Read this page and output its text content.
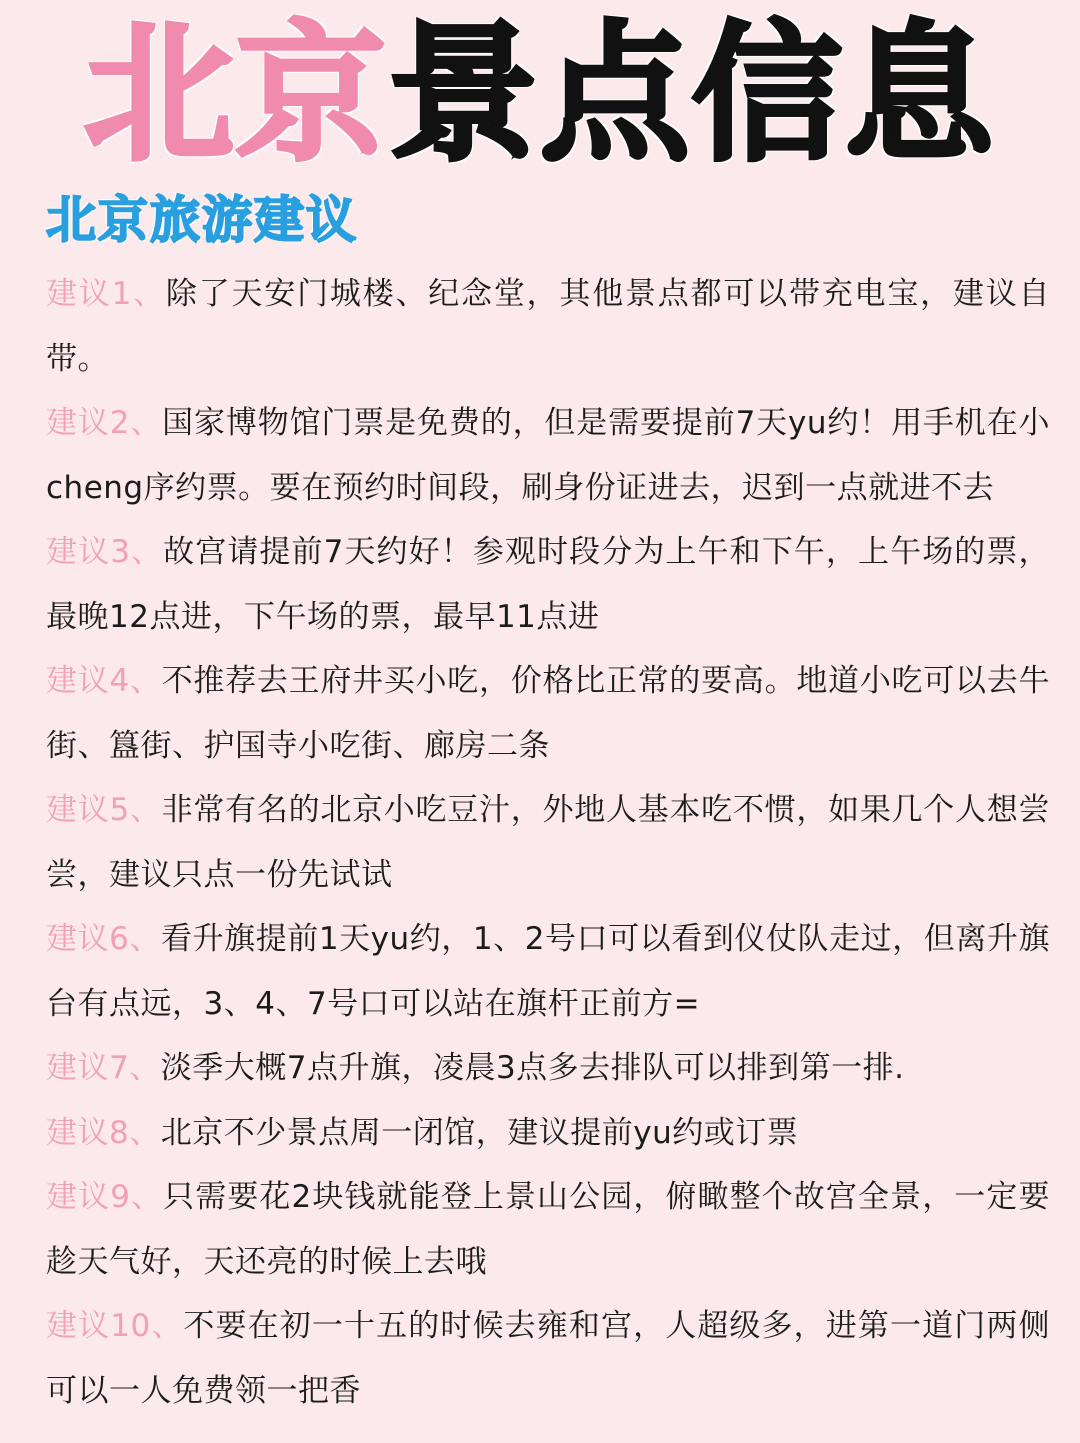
北京景点信息
北京旅游建议
建议1、除了天安门城楼、纪念堂，其他景点都可以带充电宝，建议自带。
建议2、国家博物馆门票是免费的，但是需要提前7天yu约！用手机在小cheng序约票。要在预约时间段，刷身份证进去，迟到一点就进不去
建议3、故宫请提前7天约好！参观时段分为上午和下午，上午场的票，最晚12点进，下午场的票，最早11点进
建议4、不推荐去王府井买小吃，价格比正常的要高。地道小吃可以去牛街、簋街、护国寺小吃街、廊房二条
建议5、非常有名的北京小吃豆汁，外地人基本吃不惯，如果几个人想尝尝，建议只点一份先试试
建议6、看升旗提前1天yu约，1、2号口可以看到仪仗队走过，但离升旗台有点远，3、4、7号口可以站在旗杆正前方=
建议7、淡季大概7点升旗，凌晨3点多去排队可以排到第一排.
建议8、北京不少景点周一闭馆，建议提前yu约或订票
建议9、只需要花2块钱就能登上景山公园，俯瞰整个故宫全景，一定要趁天气好，天还亮的时候上去哦
建议10、不要在初一十五的时候去雍和宫，人超级多，进第一道门两侧可以一人免费领一把香
